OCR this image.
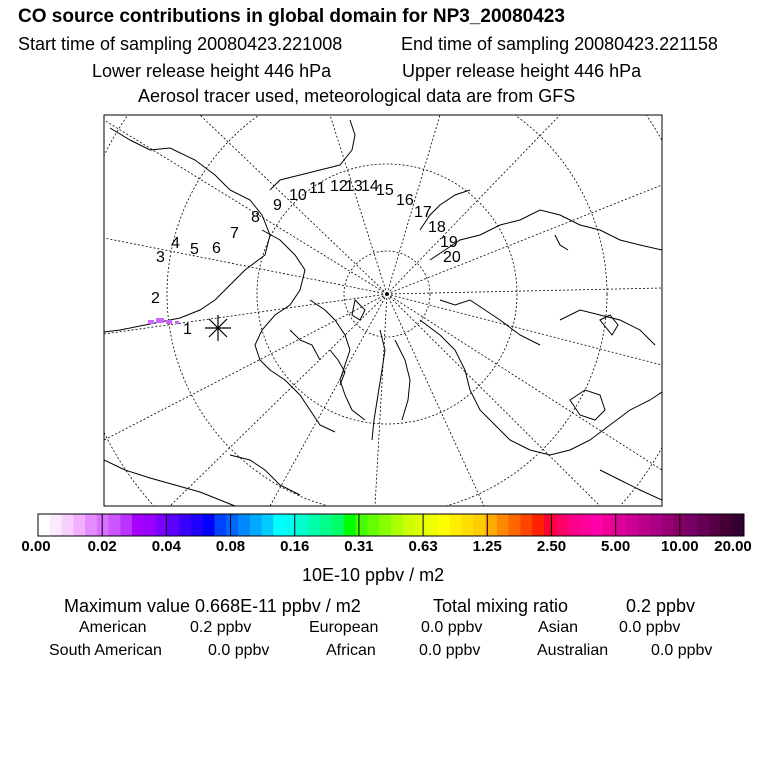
CO source contributions in global domain for NP3_20080423
Start time of sampling 20080423.221008	End time of sampling 20080423.221158
Lower release height 446 hPa	Upper release height 446 hPa
Aerosol tracer used, meteorological data are from GFS
1
2
3
4 5 6
7
8
9
10 11 12
13
14
15
16
17
18
19
20
0.00 0.02 0.04 0.08 0.16 0.31 0.63 1.25 2.50 5.00 10.00 20.00
10E-10 ppbv / m2
Maximum value 0.668E-11 ppbv / m2	Total mixing ratio	0.2 ppbv
American	0.2 ppbv	European	0.0 ppbv	Asian	0.0 ppbv
South American	0.0 ppbv	African	0.0 ppbv	Australian	0.0 ppbv
